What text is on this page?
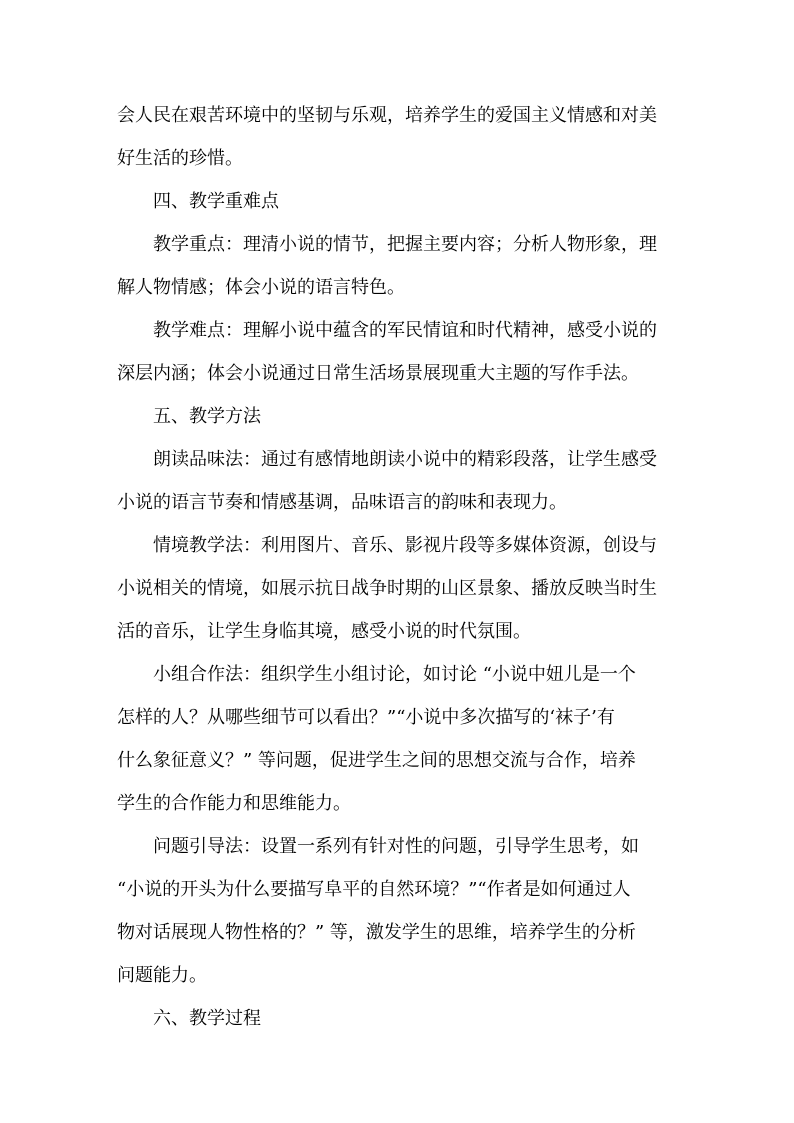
会人民在艰苦环境中的坚韧与乐观，培养学生的爱国主义情感和对美
好生活的珍惜。
四、教学重难点
教学重点：理清小说的情节，把握主要内容；分析人物形象，理
解人物情感；体会小说的语言特色。
教学难点：理解小说中蕴含的军民情谊和时代精神，感受小说的
深层内涵；体会小说通过日常生活场景展现重大主题的写作手法。
五、教学方法
朗读品味法：通过有感情地朗读小说中的精彩段落，让学生感受
小说的语言节奏和情感基调，品味语言的韵味和表现力。
情境教学法：利用图片、音乐、影视片段等多媒体资源，创设与
小说相关的情境，如展示抗日战争时期的山区景象、播放反映当时生
活的音乐，让学生身临其境，感受小说的时代氛围。
小组合作法：组织学生小组讨论，如讨论 “小说中妞儿是一个
怎样的人？从哪些细节可以看出？”“小说中多次描写的‘袜子’有
什么象征意义？” 等问题，促进学生之间的思想交流与合作，培养
学生的合作能力和思维能力。
问题引导法：设置一系列有针对性的问题，引导学生思考，如
“小说的开头为什么要描写阜平的自然环境？”“作者是如何通过人
物对话展现人物性格的？” 等，激发学生的思维，培养学生的分析
问题能力。
六、教学过程
